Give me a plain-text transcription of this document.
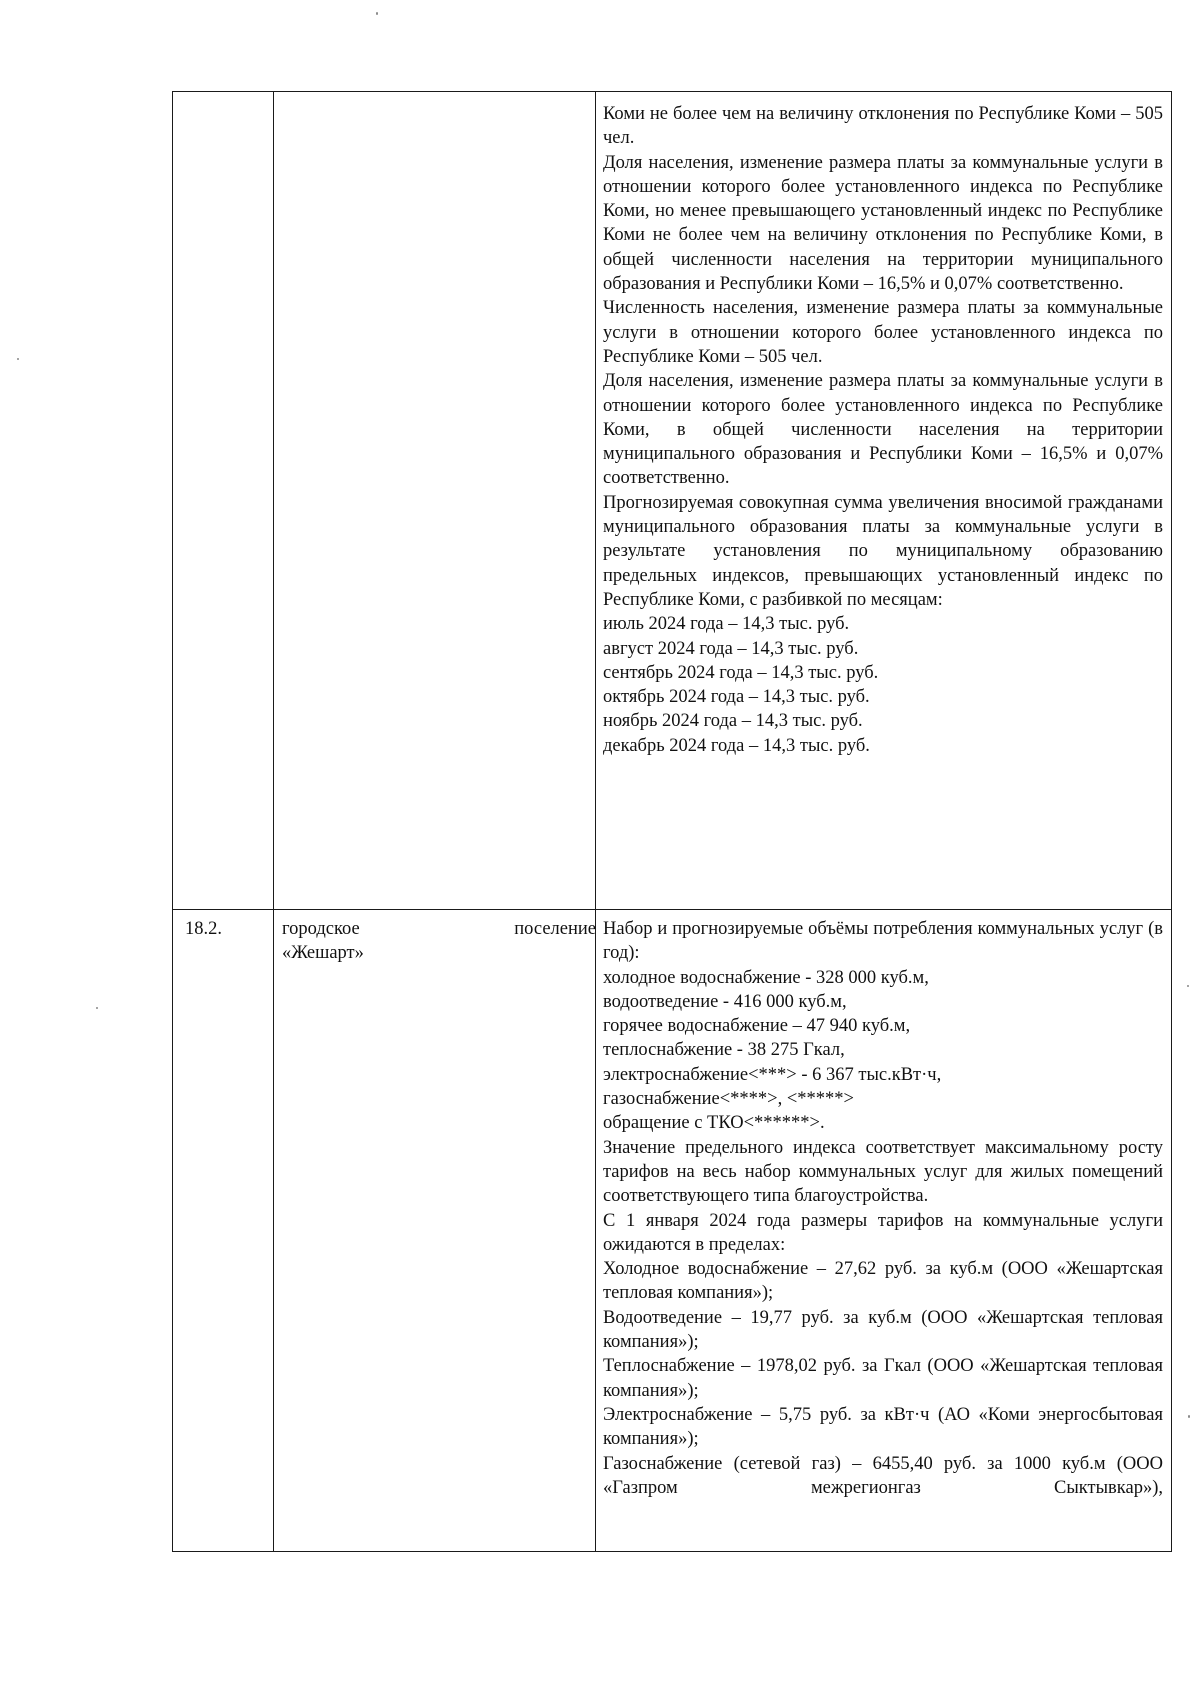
Коми не более чем на величину отклонения по Республике Коми – 505 чел.

Доля населения, изменение размера платы за коммунальные услуги в отношении которого более установленного индекса по Республике Коми, но менее превышающего установленный индекс по Республике Коми не более чем на величину отклонения по Республике Коми, в общей численности населения на территории муниципального образования и Республики Коми – 16,5% и 0,07% соответственно.

Численность населения, изменение размера платы за коммунальные услуги в отношении которого более установленного индекса по Республике Коми – 505 чел.

Доля населения, изменение размера платы за коммунальные услуги в отношении которого более установленного индекса по Республике Коми, в общей численности населения на территории муниципального образования и Республики Коми – 16,5% и 0,07% соответственно.

Прогнозируемая совокупная сумма увеличения вносимой гражданами муниципального образования платы за коммунальные услуги в результате установления по муниципальному образованию предельных индексов, превышающих установленный индекс по Республике Коми, с разбивкой по месяцам:

июль 2024 года – 14,3 тыс. руб.

август 2024 года – 14,3 тыс. руб.

сентябрь 2024 года – 14,3 тыс. руб.

октябрь 2024 года – 14,3 тыс. руб.

ноябрь 2024 года – 14,3 тыс. руб.

декабрь 2024 года – 14,3 тыс. руб.

18.2.	городское	поселение
«Жешарт»

Набор и прогнозируемые объёмы потребления коммунальных услуг (в год):

холодное водоснабжение - 328 000 куб.м,

водоотведение - 416 000 куб.м,

горячее водоснабжение – 47 940 куб.м,

теплоснабжение - 38 275 Гкал,

электроснабжение<***> - 6 367 тыс.кВт·ч,

газоснабжение<****>, <*****>

обращение с ТКО<******>.

Значение предельного индекса соответствует максимальному росту тарифов на весь набор коммунальных услуг для жилых помещений соответствующего типа благоустройства.

С 1 января 2024 года размеры тарифов на коммунальные услуги ожидаются в пределах:

Холодное водоснабжение – 27,62 руб. за куб.м (ООО «Жешартская тепловая компания»);

Водоотведение – 19,77 руб. за куб.м (ООО «Жешартская тепловая компания»);

Теплоснабжение – 1978,02 руб. за Гкал (ООО «Жешартская тепловая компания»);

Электроснабжение – 5,75 руб. за кВт·ч (АО «Коми энергосбытовая компания»);

Газоснабжение (сетевой газ) – 6455,40 руб. за 1000 куб.м (ООО «Газпром межрегионгаз Сыктывкар»),
